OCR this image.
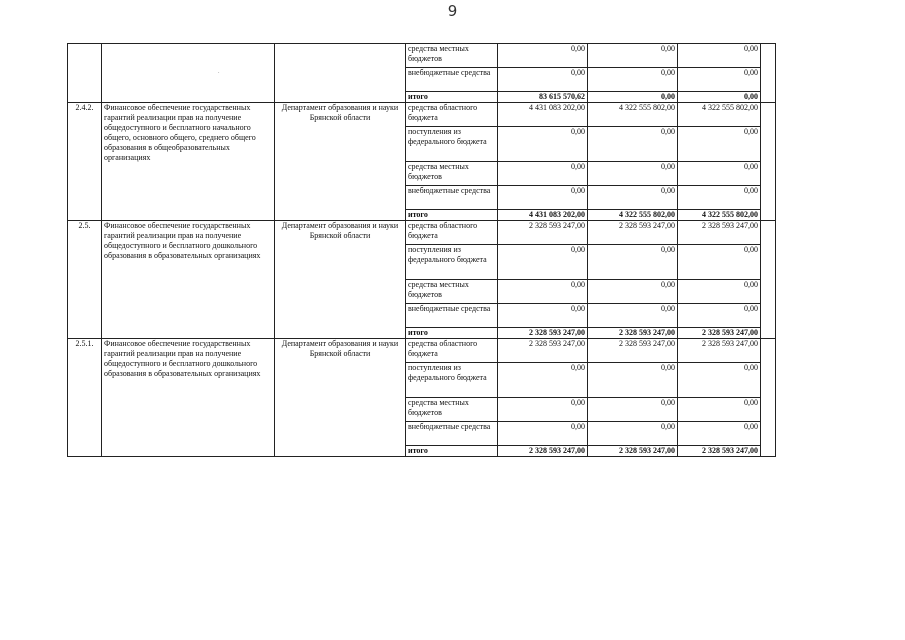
9
.
			средства местных бюджетов	0,00	0,00	0,00	
			внебюджетные средства	0,00	0,00	0,00	
			итого	83 615 570,62	0,00	0,00	
2.4.2.	Финансовое обеспечение государственных гарантий реализации прав на получение общедоступного и бесплатного начального общего, основного общего, среднего общего образования в общеобразовательных организациях	Департамент образования и науки Брянской области	средства областного бюджета	4 431 083 202,00	4 322 555 802,00	4 322 555 802,00	
			поступления из федерального бюджета	0,00	0,00	0,00	
			средства местных бюджетов	0,00	0,00	0,00	
			внебюджетные средства	0,00	0,00	0,00	
			итого	4 431 083 202,00	4 322 555 802,00	4 322 555 802,00	
2.5.	Финансовое обеспечение государственных гарантий реализации прав на получение общедоступного и бесплатного дошкольного образования в образовательных организациях	Департамент образования и науки Брянской области	средства областного бюджета	2 328 593 247,00	2 328 593 247,00	2 328 593 247,00	
			поступления из федерального бюджета	0,00	0,00	0,00	
			средства местных бюджетов	0,00	0,00	0,00	
			внебюджетные средства	0,00	0,00	0,00	
			итого	2 328 593 247,00	2 328 593 247,00	2 328 593 247,00	
2.5.1.	Финансовое обеспечение государственных гарантий реализации прав на получение общедоступного и бесплатного дошкольного образования в образовательных организациях	Департамент образования и науки Брянской области	средства областного бюджета	2 328 593 247,00	2 328 593 247,00	2 328 593 247,00	
			поступления из федерального бюджета	0,00	0,00	0,00	
			средства местных бюджетов	0,00	0,00	0,00	
			внебюджетные средства	0,00	0,00	0,00	
			итого	2 328 593 247,00	2 328 593 247,00	2 328 593 247,00	
